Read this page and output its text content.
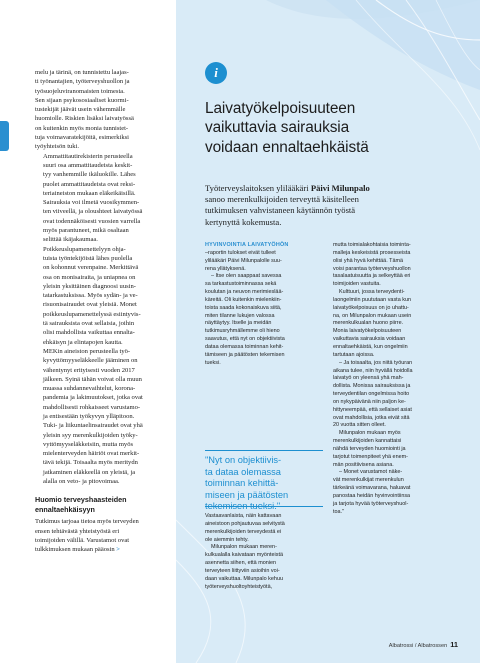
melu ja tärinä, on tunnistettu laajas-
ti työnantajien, työterveyshuollon ja
työsuojeluviranomaisten toimesta.
Sen sijaan psykososiaaliset kuormi-
tustekijät jäävät usein vähemmälle
huomiolle. Riskien lisäksi laivatyössä
on kuitenkin myös monia tunnistet-
tuja voimavaratekijöitä, esimerkiksi
työyhteisön tuki.

Ammattitautirekisterin perusteella
suuri osa ammattitaudeista keskit-
tyy vanhemmille ikäluokille. Lähes
puolet ammattitaudeista ovat reksi-
teriaineiston mukaan eläkeikäisillä.
Sairauksia voi ilmetä vuosikymmen-
ten viiveellä, ja oloushteet laivatyössä
ovat todennäköisesti vuosien varrella
myös parantuneet, mikä osaltaan
selittää ikäjakaumaa.

Poikkeuslupamenettelyyn ohja-
tuista työntekijöistä lähes puolella
on kohonnut verenpaine. Merkittävä
osa on monisairaita, ja uniapnea on
yleisin yksittäinen diagnoosi uusin-
tatarkastuksissa. Myös sydän- ja ve-
risuonisairaudet ovat yleisiä. Monet
poikkeuslupamenettelyssä esiintyvis-
tä sairauksista ovat sellaisia, joihin
olisi mahdollista vaikuttaa ennalta-
ehkäisyn ja elintapojen kautta.

MEKin aineiston perusteella työ-
kyvyttömyyseläkkeelle jääminen on
vähentynyt erityisesti vuoden 2017
jälkeen. Syinä tähän voivat olla muun
muassa suhdannevaihtelut, korona-
pandemia ja lakimuutokset, jotka ovat
mahdollisesti rohkaisseet varustamo-
ja entisestään työkyvyn ylläpitoon.
Tuki- ja liikuntaelinsairaudet ovat yhä
yleisin syy merenkulkijoiden työky-
vyttömyyseläkkeisiin, mutta myös
mielenterveyden häiriöt ovat merkit-
tävä tekijä. Toisaalta myös meritydn
jatkaminen eläkkeellä on yleistä, ja
alalla on veto- ja pitovoimaa.

Huomio terveyshaasteiden
ennaltaehkäisyyn

Tutkimus tarjoaa tietoa myös terveyden
ensen tehtävästä yhteistyöstä eri
toimijoiden välillä. Varustamot ovat
tulkkimuksen mukaan pääosin >

i
Laivatyökelpoisuuteen
vaikuttavia sairauksia
voidaan ennaltaehkäistä
Työterveyslaitoksen ylilääkäri Päivi Milunpalo
sanoo merenkulkijoiden terveyttä käsitelleen
tutkimuksen vahvistaneen käytännön työstä
kertynyttä kokemusta.
HYVINVOINTIA LAIVATYÖHÖN
–raportin tulokset eivät tulleet
ylilääkäri Päivi Milunpalolle suu-
rena yllätyksenä.
– Itse olen saappaat savessa
sa tarkastustoiminnassa sekä
koulutan ja neuvon merimieslää-
käreitä. Oli kuitenkin mielenkiin-
toista saada kokonaiskuva siitä,
miten tilanne lukujen valossa
näyttäytyy. Itselle ja meidän
tutkimusryhmällemme oli hieno
saavutus, että nyt on objektiivista
dataa olemassa toiminnan kehit-
tämiseen ja päätösten tekemisen
tueksi.
"Nyt on objektiivis-
ta dataa olemassa
toiminnan kehittä-
miseen ja päätösten
Vastaavanlaista, näin kattavaan
aineistoon pohjautuvaa selvitystä
merenkulkijoiden terveydestä ei
ole aiemmin tehty.
Milunpalon mukaan meren-
kulkualalla kaivataan myönteistä
asennetta siihen, että monien
terveyteen liittyviin asioihin voi-
daan vaikuttaa. Milunpalo kehuu
työterveyshuoltoyhteistyötä,
mutta toimialakohtaisia toiminta-
malleja keskeisistä prosesseista
olisi yhä hyvä kehittää. Tämä
voisi parantaa työterveyshuollon
tasalaatuisuutta ja selkeyttää eri
toimijoiden vastuita.
Kulttuuri, jossa terveydenti-
laongelmiin puututaan vasta kun
laivatyökelpoisuus on jo uhattu-
na, on Milunpalon mukaan usein
merenkulkualan huono piirre.
Monia laivatyökelpoisuuteen
vaikuttavia sairauksia voidaan
ennaltaehkäistä, kun ongelmiin
tartutaan ajoissa.
– Ja toisaalta, jos niitä työuran
aikana tulee, niin hyvällä hoidolla
laivatyö on yleensä yhä mah-
dollista. Monissa sairauksissa ja
terveydentilan ongelmissa hoito
on nykypäivänä niin paljon ke-
hittyneempää, että sellaiset asiat
ovat mahdollisia, jotka eivät sitä
20 vuotta sitten olleet.
Milunpalon mukaan myös
merenkulkijoiden kannattaisi
nähdä terveyden huomiointi ja
tarjotut toimenpiteet yhä enem-
män positiivisena asiana.
– Monet varustamot näke-
vät merenkulkijat merenkulun
tärkeänä voimavarana, haluavat
panostaa heidän hyvinvointiinsa
ja tarjota hyvää työterveyshuol-
toa."
Albatrossi / Albatrossen 11
